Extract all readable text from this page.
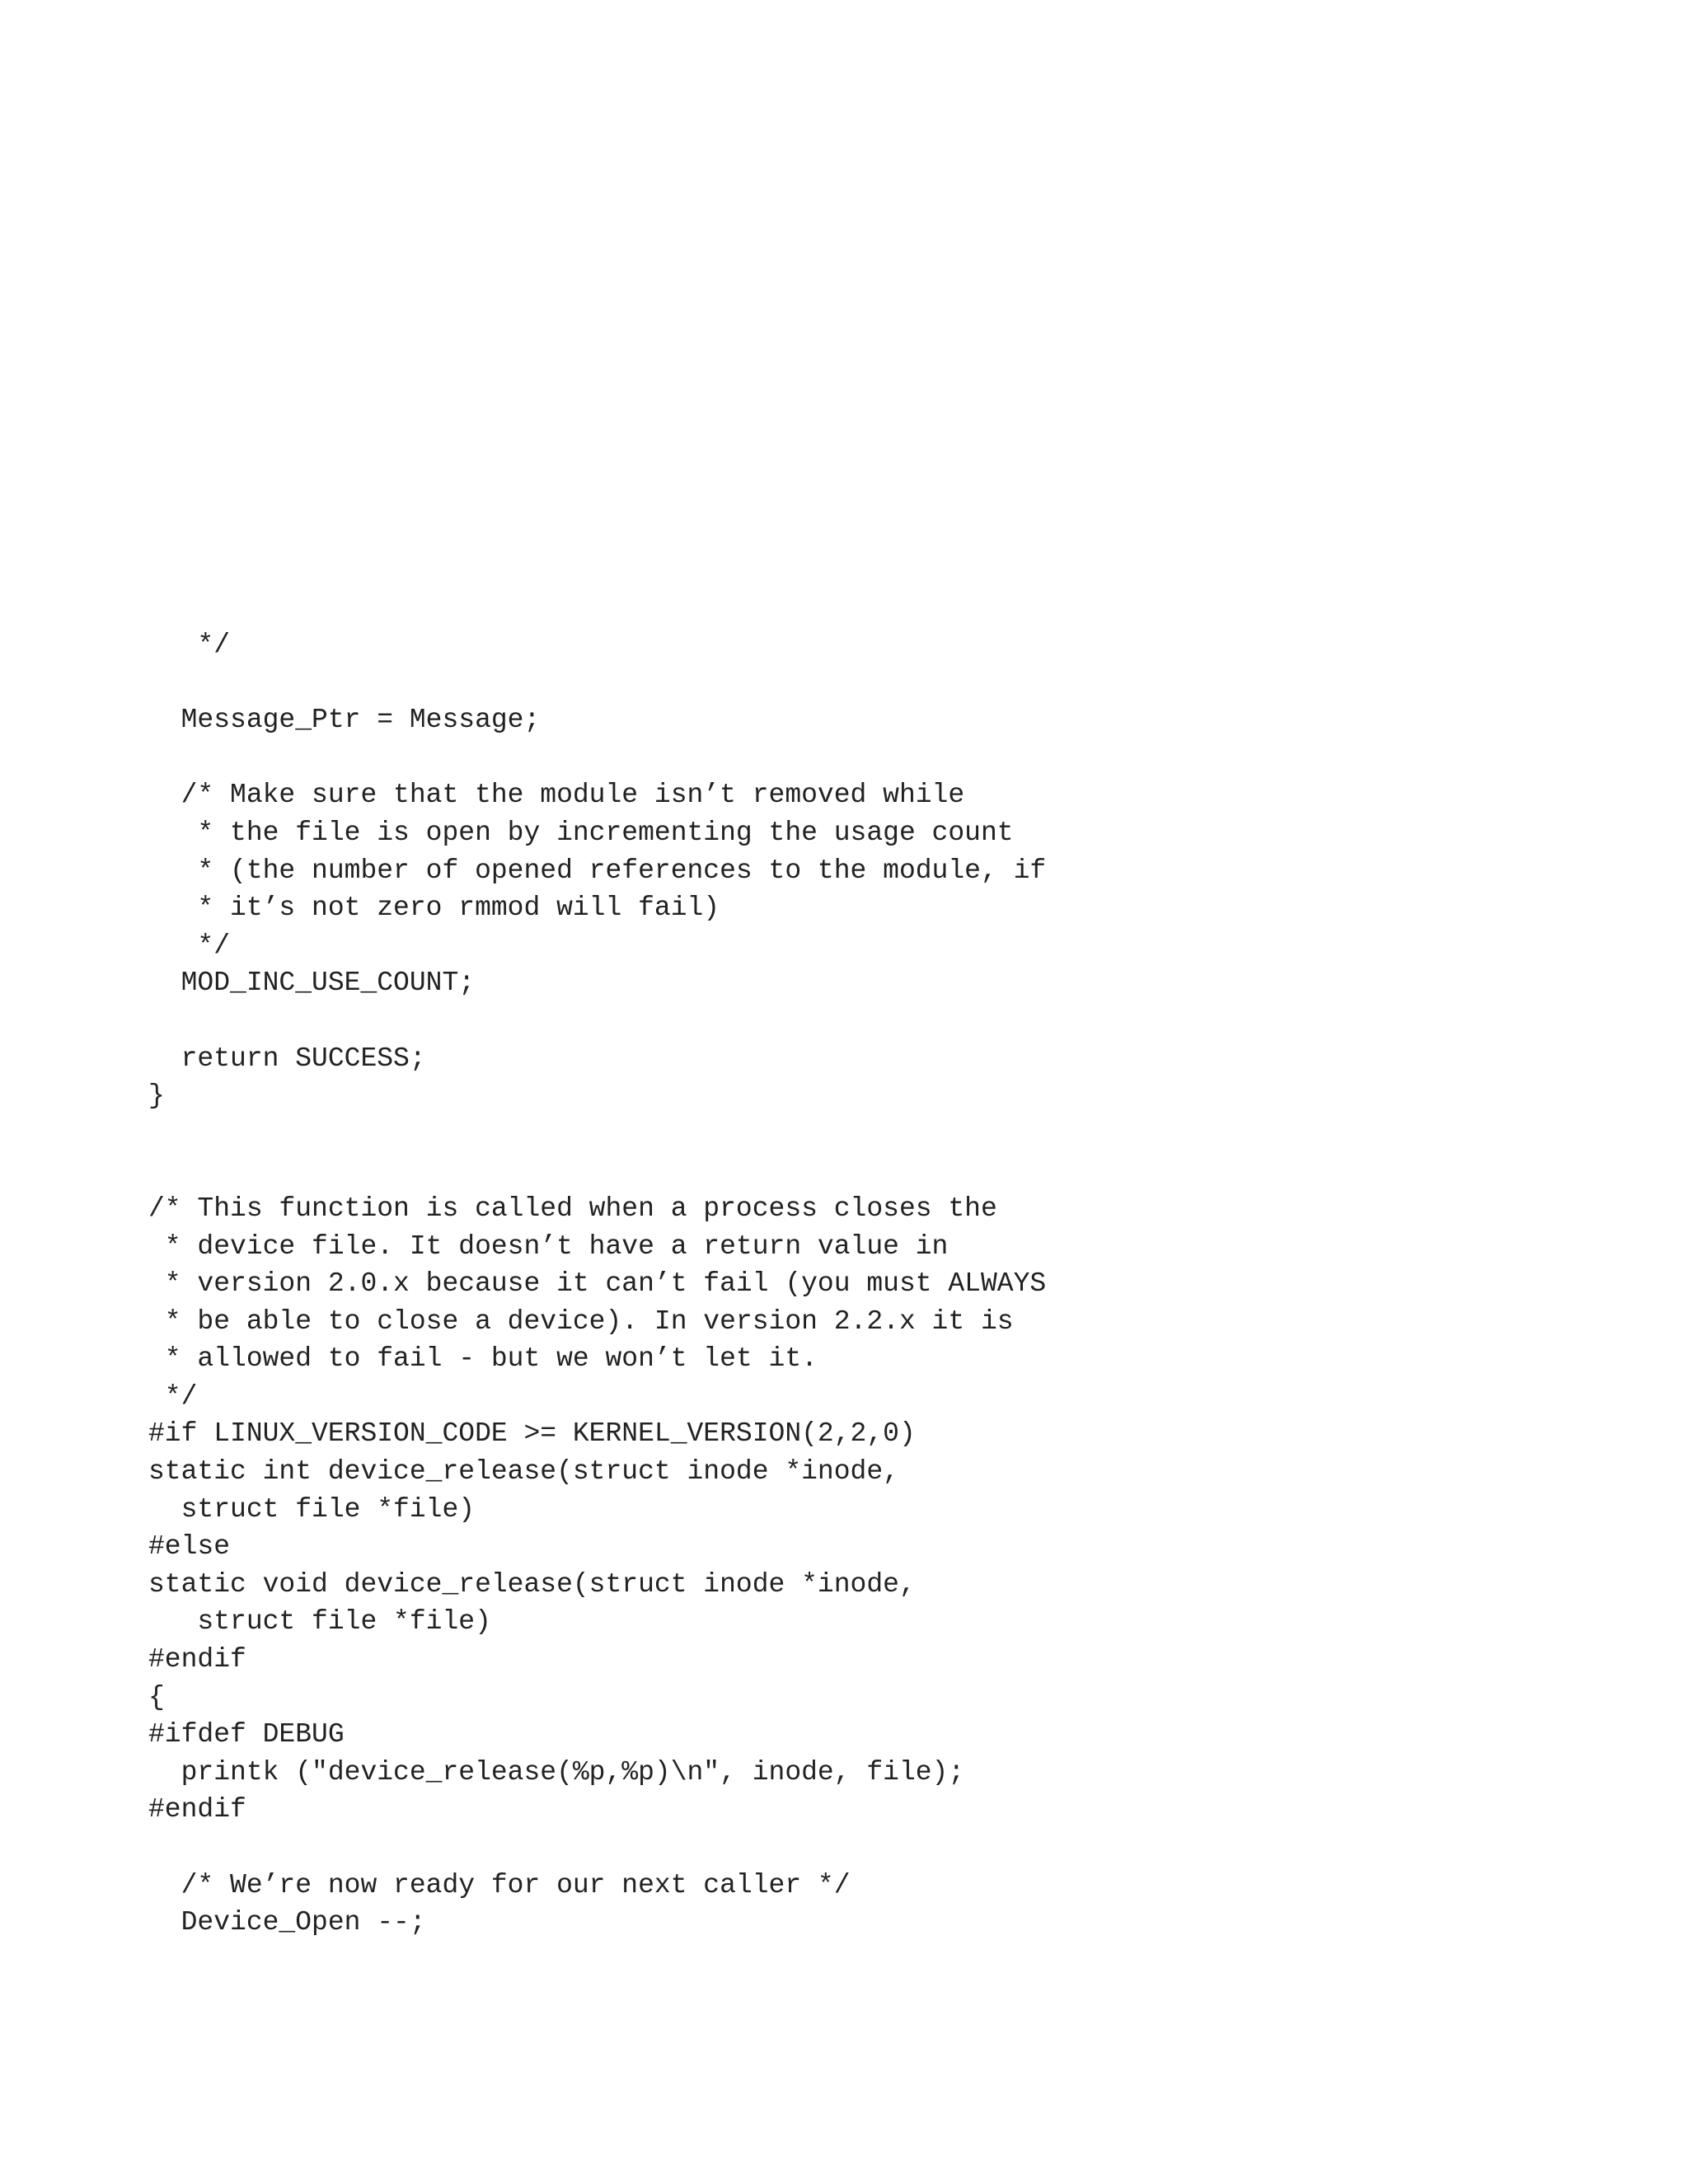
*/
Message_Ptr = Message;
/* Make sure that the module isn’t removed while
* the file is open by incrementing the usage count
* (the number of opened references to the module, if
* it’s not zero rmmod will fail)
*/
MOD_INC_USE_COUNT;
return SUCCESS;
}
/* This function is called when a process closes the
* device file. It doesn’t have a return value in
* version 2.0.x because it can’t fail (you must ALWAYS
* be able to close a device). In version 2.2.x it is
* allowed to fail - but we won’t let it.
*/
#if LINUX_VERSION_CODE >= KERNEL_VERSION(2,2,0)
static int device_release(struct inode *inode,
struct file *file)
#else
static void device_release(struct inode *inode,
struct file *file)
#endif
{
#ifdef DEBUG
printk ("device_release(%p,%p)\n", inode, file);
#endif
/* We’re now ready for our next caller */
Device_Open --;
